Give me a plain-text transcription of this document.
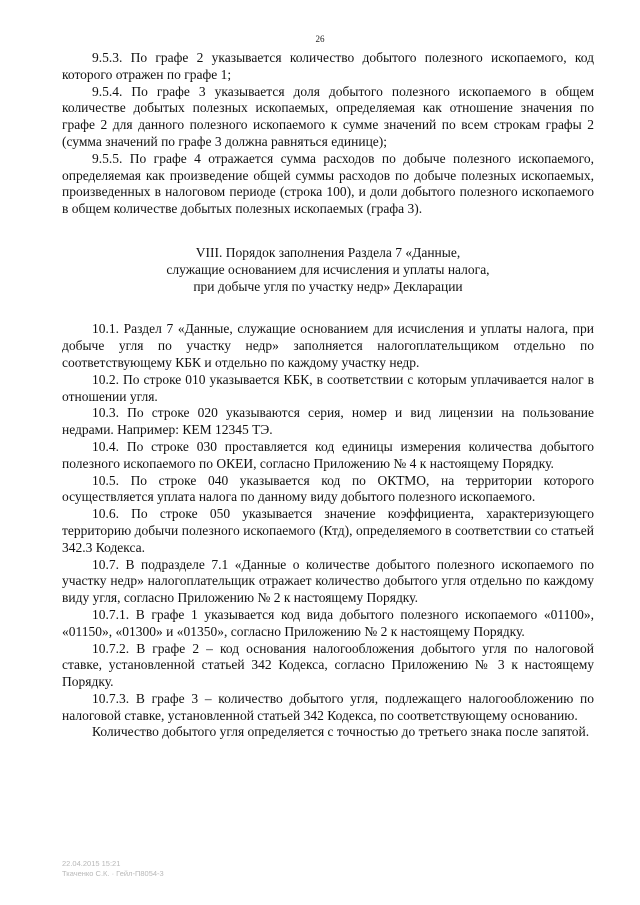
26

9.5.3. По графе 2 указывается количество добытого полезного ископаемого, код которого отражен по графе 1;

9.5.4. По графе 3 указывается доля добытого полезного ископаемого в общем количестве добытых полезных ископаемых, определяемая как отношение значения по графе 2 для данного полезного ископаемого к сумме значений по всем строкам графы 2 (сумма значений по графе 3 должна равняться единице);

9.5.5. По графе 4 отражается сумма расходов по добыче полезного ископаемого, определяемая как произведение общей суммы расходов по добыче полезных ископаемых, произведенных в налоговом периоде (строка 100), и доли добытого полезного ископаемого в общем количестве добытых полезных ископаемых (графа 3).

VIII. Порядок заполнения Раздела 7 «Данные,
служащие основанием для исчисления и уплаты налога,
при добыче угля по участку недр» Декларации

10.1. Раздел 7 «Данные, служащие основанием для исчисления и уплаты налога, при добыче угля по участку недр» заполняется налогоплательщиком отдельно по соответствующему КБК и отдельно по каждому участку недр.

10.2. По строке 010 указывается КБК, в соответствии с которым уплачивается налог в отношении угля.

10.3. По строке 020 указываются серия, номер и вид лицензии на пользование недрами. Например: КЕМ 12345 ТЭ.

10.4. По строке 030 проставляется код единицы измерения количества добытого полезного ископаемого по ОКЕИ, согласно Приложению № 4 к настоящему Порядку.

10.5. По строке 040 указывается код по ОКТМО, на территории которого осуществляется уплата налога по данному виду добытого полезного ископаемого.

10.6. По строке 050 указывается значение коэффициента, характеризующего территорию добычи полезного ископаемого (Ктд), определяемого в соответствии со статьей 342.3 Кодекса.

10.7. В подразделе 7.1 «Данные о количестве добытого полезного ископаемого по участку недр» налогоплательщик отражает количество добытого угля отдельно по каждому виду угля, согласно Приложению № 2 к настоящему Порядку.

10.7.1. В графе 1 указывается код вида добытого полезного ископаемого «01100», «01150», «01300» и «01350», согласно Приложению № 2 к настоящему Порядку.

10.7.2. В графе 2 – код основания налогообложения добытого угля по налоговой ставке, установленной статьей 342 Кодекса, согласно Приложению № 3 к настоящему Порядку.

10.7.3. В графе 3 – количество добытого угля, подлежащего налогообложению по налоговой ставке, установленной статьей 342 Кодекса, по соответствующему основанию.

Количество добытого угля определяется с точностью до третьего знака после запятой.

22.04.2015 15:21
Ткаченко С.К. · Гейл-П8054-3
